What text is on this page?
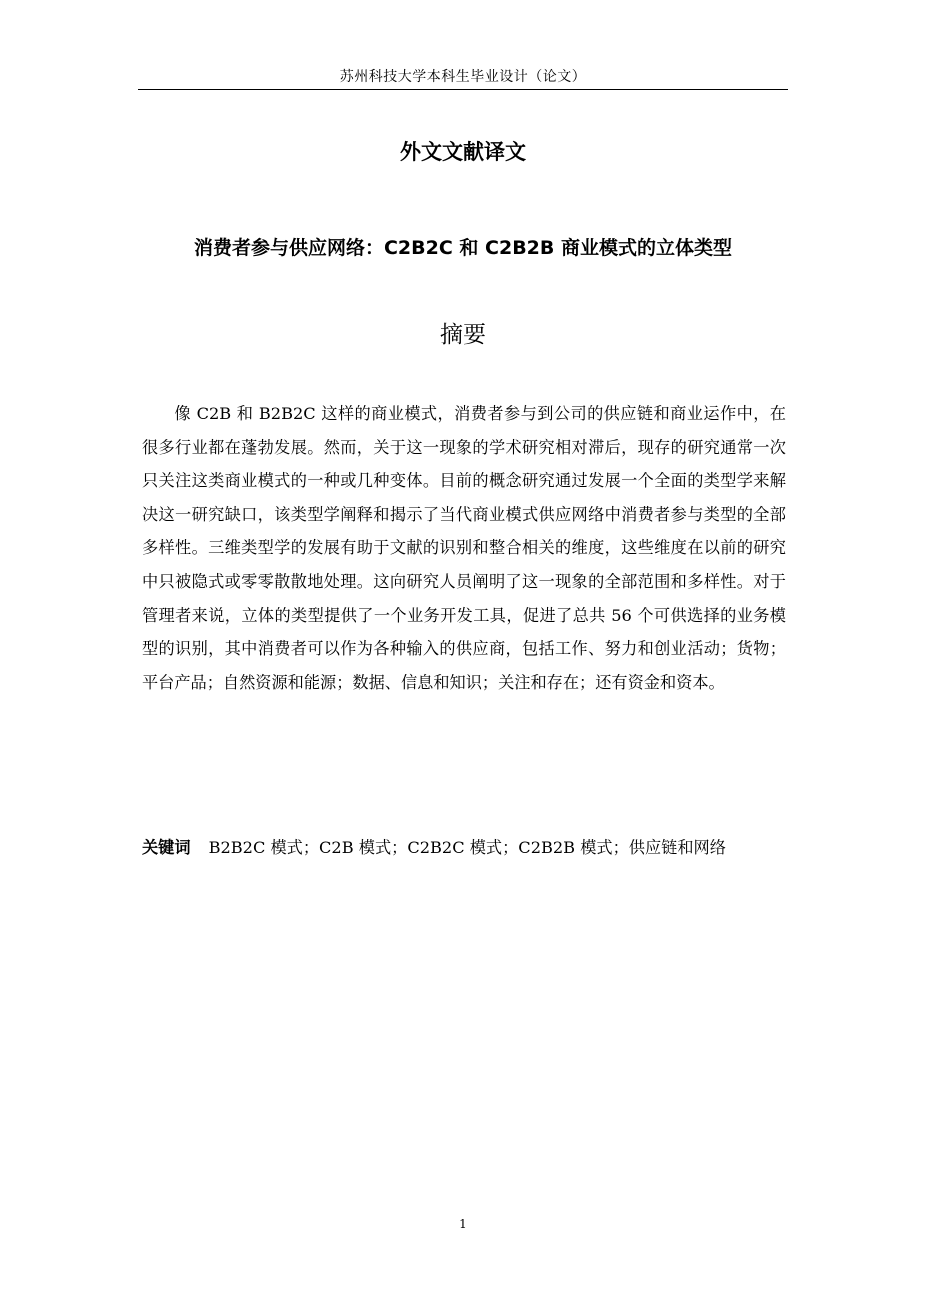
苏州科技大学本科生毕业设计（论文）
外文文献译文
消费者参与供应网络：C2B2C 和 C2B2B 商业模式的立体类型
摘要

像 C2B 和 B2B2C 这样的商业模式，消费者参与到公司的供应链和商业运作中，在很多行业都在蓬勃发展。然而，关于这一现象的学术研究相对滞后，现存的研究通常一次只关注这类商业模式的一种或几种变体。目前的概念研究通过发展一个全面的类型学来解决这一研究缺口，该类型学阐释和揭示了当代商业模式供应网络中消费者参与类型的全部多样性。三维类型学的发展有助于文献的识别和整合相关的维度，这些维度在以前的研究中只被隐式或零零散散地处理。这向研究人员阐明了这一现象的全部范围和多样性。对于管理者来说，立体的类型提供了一个业务开发工具，促进了总共 56 个可供选择的业务模型的识别，其中消费者可以作为各种输入的供应商，包括工作、努力和创业活动；货物；平台产品；自然资源和能源；数据、信息和知识；关注和存在；还有资金和资本。

关键词 B2B2C 模式；C2B 模式；C2B2C 模式；C2B2B 模式；供应链和网络
1
